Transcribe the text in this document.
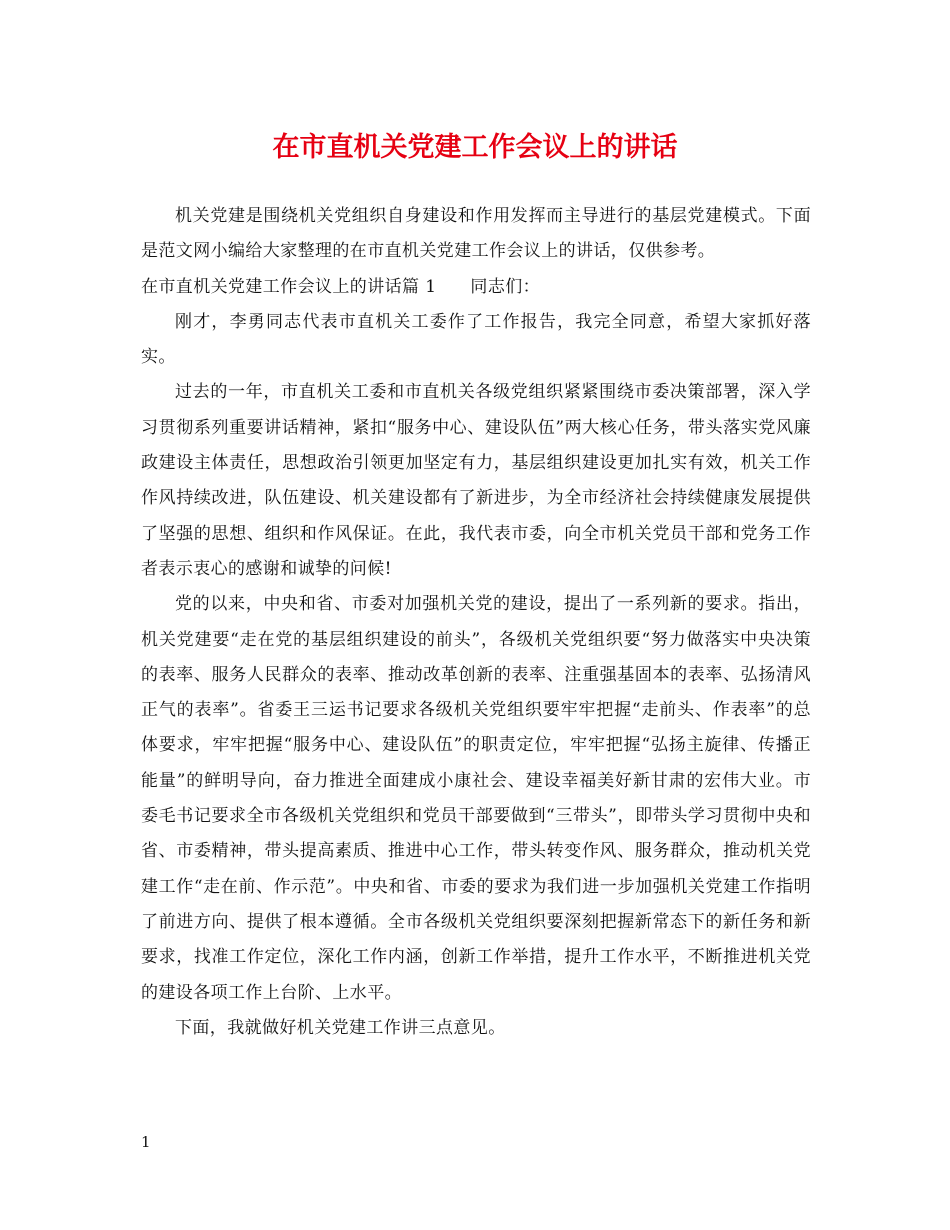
在市直机关党建工作会议上的讲话

机关党建是围绕机关党组织自身建设和作用发挥而主导进行的基层党建模式。下面是范文网小编给大家整理的在市直机关党建工作会议上的讲话，仅供参考。

在市直机关党建工作会议上的讲话篇 1 同志们：

刚才，李勇同志代表市直机关工委作了工作报告，我完全同意，希望大家抓好落实。

过去的一年，市直机关工委和市直机关各级党组织紧紧围绕市委决策部署，深入学习贯彻系列重要讲话精神，紧扣“服务中心、建设队伍”两大核心任务，带头落实党风廉政建设主体责任，思想政治引领更加坚定有力，基层组织建设更加扎实有效，机关工作作风持续改进，队伍建设、机关建设都有了新进步，为全市经济社会持续健康发展提供了坚强的思想、组织和作风保证。在此，我代表市委，向全市机关党员干部和党务工作者表示衷心的感谢和诚挚的问候!

党的以来，中央和省、市委对加强机关党的建设，提出了一系列新的要求。指出，机关党建要“走在党的基层组织建设的前头”，各级机关党组织要“努力做落实中央决策的表率、服务人民群众的表率、推动改革创新的表率、注重强基固本的表率、弘扬清风正气的表率”。省委王三运书记要求各级机关党组织要牢牢把握“走前头、作表率”的总体要求，牢牢把握“服务中心、建设队伍”的职责定位，牢牢把握“弘扬主旋律、传播正能量”的鲜明导向，奋力推进全面建成小康社会、建设幸福美好新甘肃的宏伟大业。市委毛书记要求全市各级机关党组织和党员干部要做到“三带头”，即带头学习贯彻中央和省、市委精神，带头提高素质、推进中心工作，带头转变作风、服务群众，推动机关党建工作“走在前、作示范”。中央和省、市委的要求为我们进一步加强机关党建工作指明了前进方向、提供了根本遵循。全市各级机关党组织要深刻把握新常态下的新任务和新要求，找准工作定位，深化工作内涵，创新工作举措，提升工作水平，不断推进机关党的建设各项工作上台阶、上水平。

下面，我就做好机关党建工作讲三点意见。

1
